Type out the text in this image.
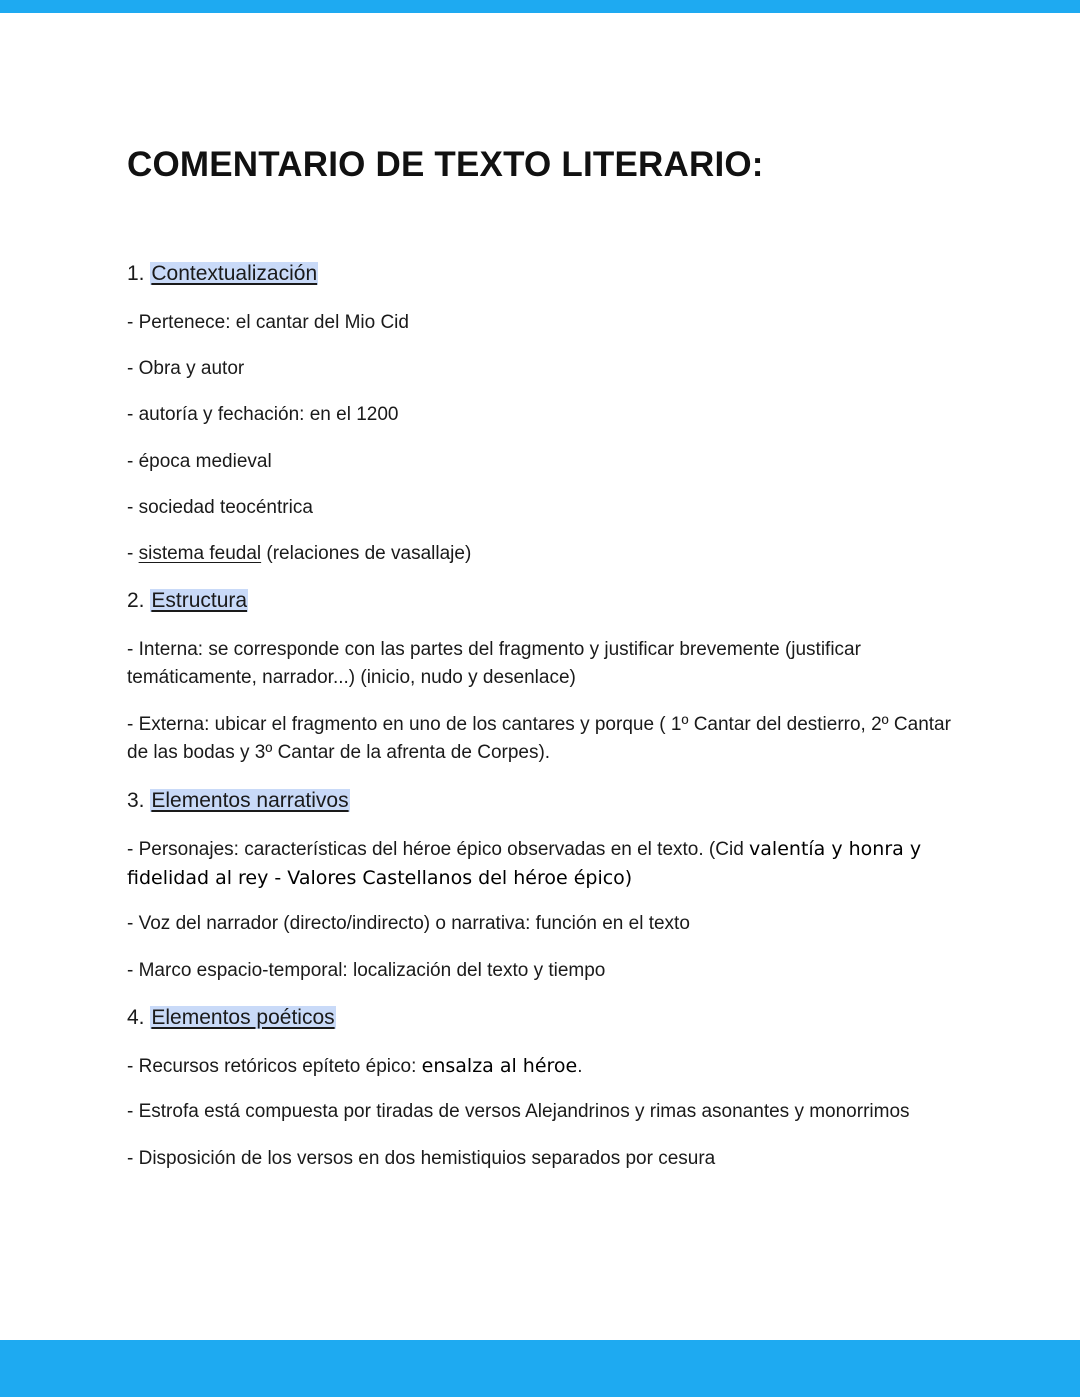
COMENTARIO DE TEXTO LITERARIO:

1. Contextualización

- Pertenece: el cantar del Mio Cid

- Obra y autor

- autoría y fechación: en el 1200

- época medieval

- sociedad teocéntrica

- sistema feudal (relaciones de vasallaje)

2. Estructura

- Interna: se corresponde con las partes del fragmento y justificar brevemente (justificar temáticamente, narrador...) (inicio, nudo y desenlace)

- Externa: ubicar el fragmento en uno de los cantares y porque ( 1º Cantar del destierro, 2º Cantar de las bodas y 3º Cantar de la afrenta de Corpes).

3. Elementos narrativos

- Personajes: características del héroe épico observadas en el texto. (Cid valentía y honra y fidelidad al rey - Valores Castellanos del héroe épico)

- Voz del narrador (directo/indirecto) o narrativa: función en el texto

- Marco espacio-temporal: localización del texto y tiempo

4. Elementos poéticos

- Recursos retóricos epíteto épico: ensalza al héroe.

- Estrofa está compuesta por tiradas de versos Alejandrinos y rimas asonantes y monorrimos

- Disposición de los versos en dos hemistiquios separados por cesura
